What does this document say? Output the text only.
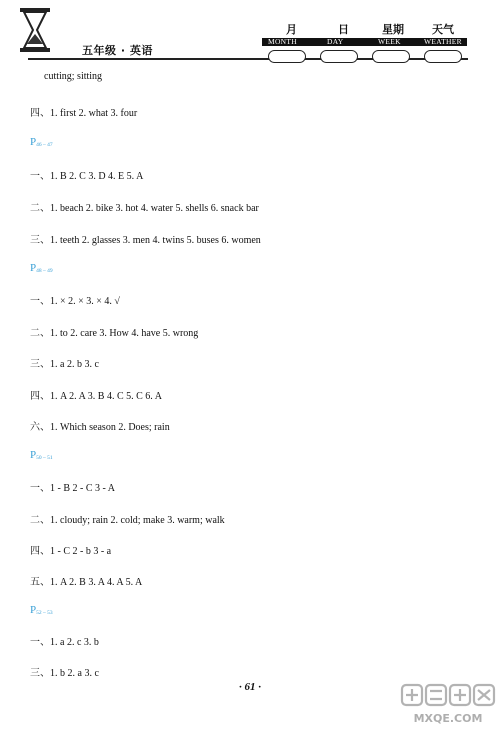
五年级 · 英语
月	日	星期	天气
MONTH	DAY	WEEK	WEATHER
cutting; sitting
四、1. first 2. what 3. four
$P_{46 - 47}$
一、1. B 2. C 3. D 4. E 5. A
二、1. beach 2. bike 3. hot 4. water 5. shells 6. snack bar
三、1. teeth 2. glasses 3. men 4. twins 5. buses 6. women
$P_{48 - 49}$
一、1. × 2. × 3. × 4. √
二、1. to 2. care 3. How 4. have 5. wrong
三、1. a 2. b 3. c
四、1. A 2. A 3. B 4. C 5. C 6. A
六、1. Which season 2. Does; rain
$P_{50 - 51}$
一、1 - B 2 - C 3 - A
二、1. cloudy; rain 2. cold; make 3. warm; walk
四、1 - C 2 - b 3 - a
五、1. A 2. B 3. A 4. A 5. A
$P_{52 - 53}$
一、1. a 2. c 3. b
三、1. b 2. a 3. c
· 61 ·
MXQE.COM
